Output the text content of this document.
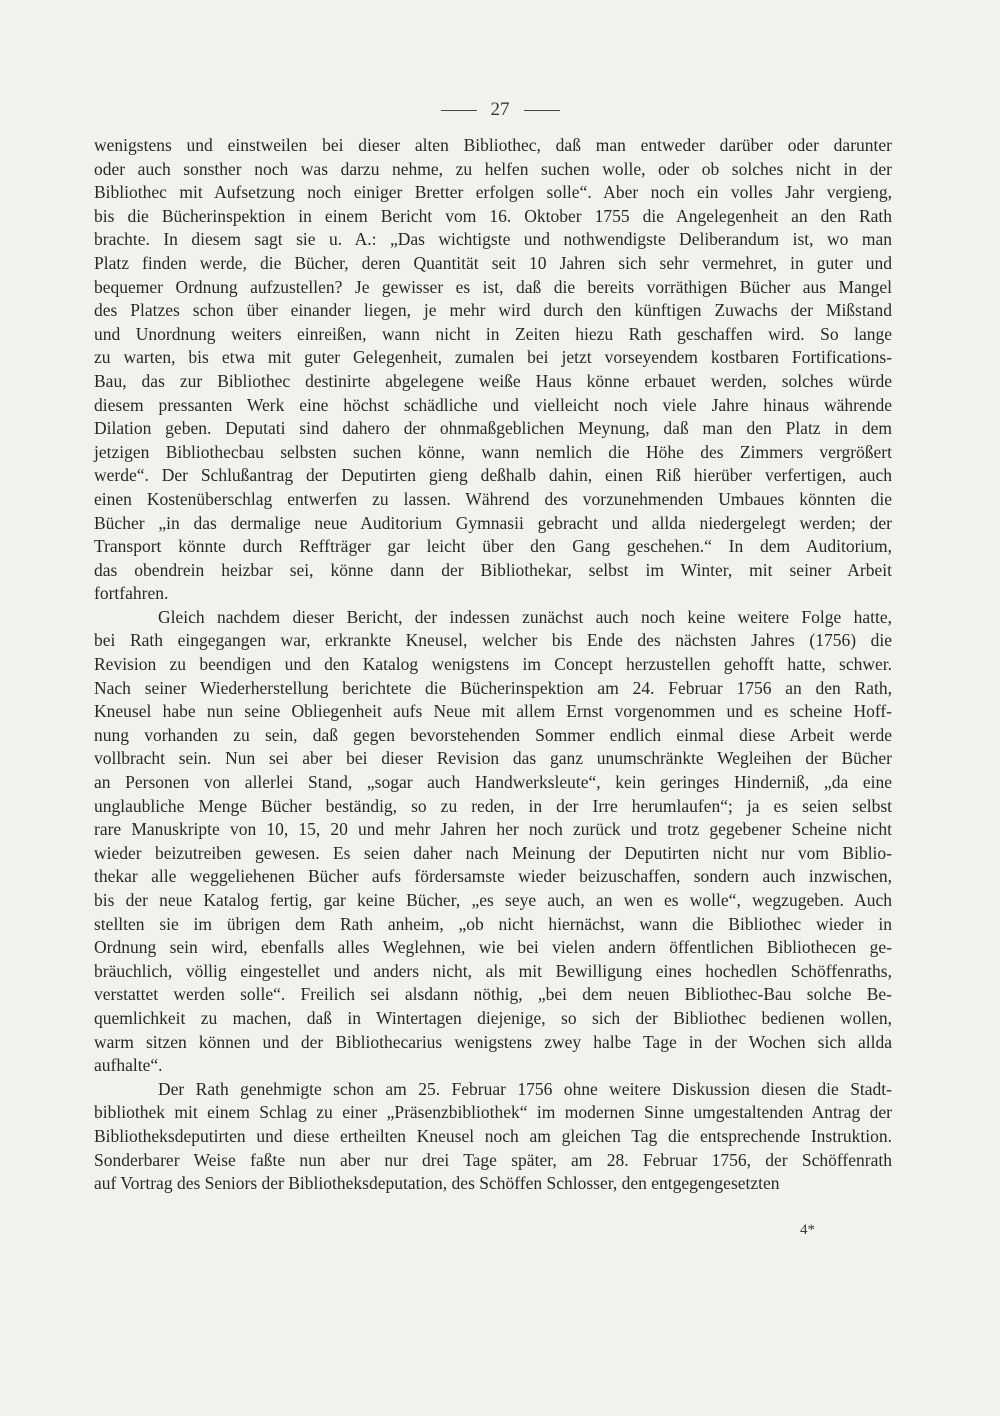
27
wenigstens und einstweilen bei dieser alten Bibliothec, daß man entweder darüber oder darunter
oder auch sonsther noch was darzu nehme, zu helfen suchen wolle, oder ob solches nicht in der
Bibliothec mit Aufsetzung noch einiger Bretter erfolgen solle“. Aber noch ein volles Jahr vergieng,
bis die Bücherinspektion in einem Bericht vom 16. Oktober 1755 die Angelegenheit an den Rath
brachte. In diesem sagt sie u. A.: „Das wichtigste und nothwendigste Deliberandum ist, wo man
Platz finden werde, die Bücher, deren Quantität seit 10 Jahren sich sehr vermehret, in guter und
bequemer Ordnung aufzustellen? Je gewisser es ist, daß die bereits vorräthigen Bücher aus Mangel
des Platzes schon über einander liegen, je mehr wird durch den künftigen Zuwachs der Mißstand
und Unordnung weiters einreißen, wann nicht in Zeiten hiezu Rath geschaffen wird. So lange
zu warten, bis etwa mit guter Gelegenheit, zumalen bei jetzt vorseyendem kostbaren Fortifications-
Bau, das zur Bibliothec destinirte abgelegene weiße Haus könne erbauet werden, solches würde
diesem pressanten Werk eine höchst schädliche und vielleicht noch viele Jahre hinaus währende
Dilation geben. Deputati sind dahero der ohnmaßgeblichen Meynung, daß man den Platz in dem
jetzigen Bibliothecbau selbsten suchen könne, wann nemlich die Höhe des Zimmers vergrößert
werde“. Der Schlußantrag der Deputirten gieng deßhalb dahin, einen Riß hierüber verfertigen, auch
einen Kostenüberschlag entwerfen zu lassen. Während des vorzunehmenden Umbaues könnten die
Bücher „in das dermalige neue Auditorium Gymnasii gebracht und allda niedergelegt werden; der
Transport könnte durch Reffträger gar leicht über den Gang geschehen.“ In dem Auditorium,
das obendrein heizbar sei, könne dann der Bibliothekar, selbst im Winter, mit seiner Arbeit
fortfahren.
Gleich nachdem dieser Bericht, der indessen zunächst auch noch keine weitere Folge hatte,
bei Rath eingegangen war, erkrankte Kneusel, welcher bis Ende des nächsten Jahres (1756) die
Revision zu beendigen und den Katalog wenigstens im Concept herzustellen gehofft hatte, schwer.
Nach seiner Wiederherstellung berichtete die Bücherinspektion am 24. Februar 1756 an den Rath,
Kneusel habe nun seine Obliegenheit aufs Neue mit allem Ernst vorgenommen und es scheine Hoff-
nung vorhanden zu sein, daß gegen bevorstehenden Sommer endlich einmal diese Arbeit werde
vollbracht sein. Nun sei aber bei dieser Revision das ganz unumschränkte Wegleihen der Bücher
an Personen von allerlei Stand, „sogar auch Handwerksleute“, kein geringes Hinderniß, „da eine
unglaubliche Menge Bücher beständig, so zu reden, in der Irre herumlaufen“; ja es seien selbst
rare Manuskripte von 10, 15, 20 und mehr Jahren her noch zurück und trotz gegebener Scheine nicht
wieder beizutreiben gewesen. Es seien daher nach Meinung der Deputirten nicht nur vom Biblio-
thekar alle weggeliehenen Bücher aufs fördersamste wieder beizuschaffen, sondern auch inzwischen,
bis der neue Katalog fertig, gar keine Bücher, „es seye auch, an wen es wolle“, wegzugeben. Auch
stellten sie im übrigen dem Rath anheim, „ob nicht hiernächst, wann die Bibliothec wieder in
Ordnung sein wird, ebenfalls alles Weglehnen, wie bei vielen andern öffentlichen Bibliothecen ge-
bräuchlich, völlig eingestellet und anders nicht, als mit Bewilligung eines hochedlen Schöffenraths,
verstattet werden solle“. Freilich sei alsdann nöthig, „bei dem neuen Bibliothec-Bau solche Be-
quemlichkeit zu machen, daß in Wintertagen diejenige, so sich der Bibliothec bedienen wollen,
warm sitzen können und der Bibliothecarius wenigstens zwey halbe Tage in der Wochen sich allda
aufhalte“.
Der Rath genehmigte schon am 25. Februar 1756 ohne weitere Diskussion diesen die Stadt-
bibliothek mit einem Schlag zu einer „Präsenzbibliothek“ im modernen Sinne umgestaltenden Antrag der
Bibliotheksdeputirten und diese ertheilten Kneusel noch am gleichen Tag die entsprechende Instruktion.
Sonderbarer Weise faßte nun aber nur drei Tage später, am 28. Februar 1756, der Schöffenrath
auf Vortrag des Seniors der Bibliotheksdeputation, des Schöffen Schlosser, den entgegengesetzten
4*
